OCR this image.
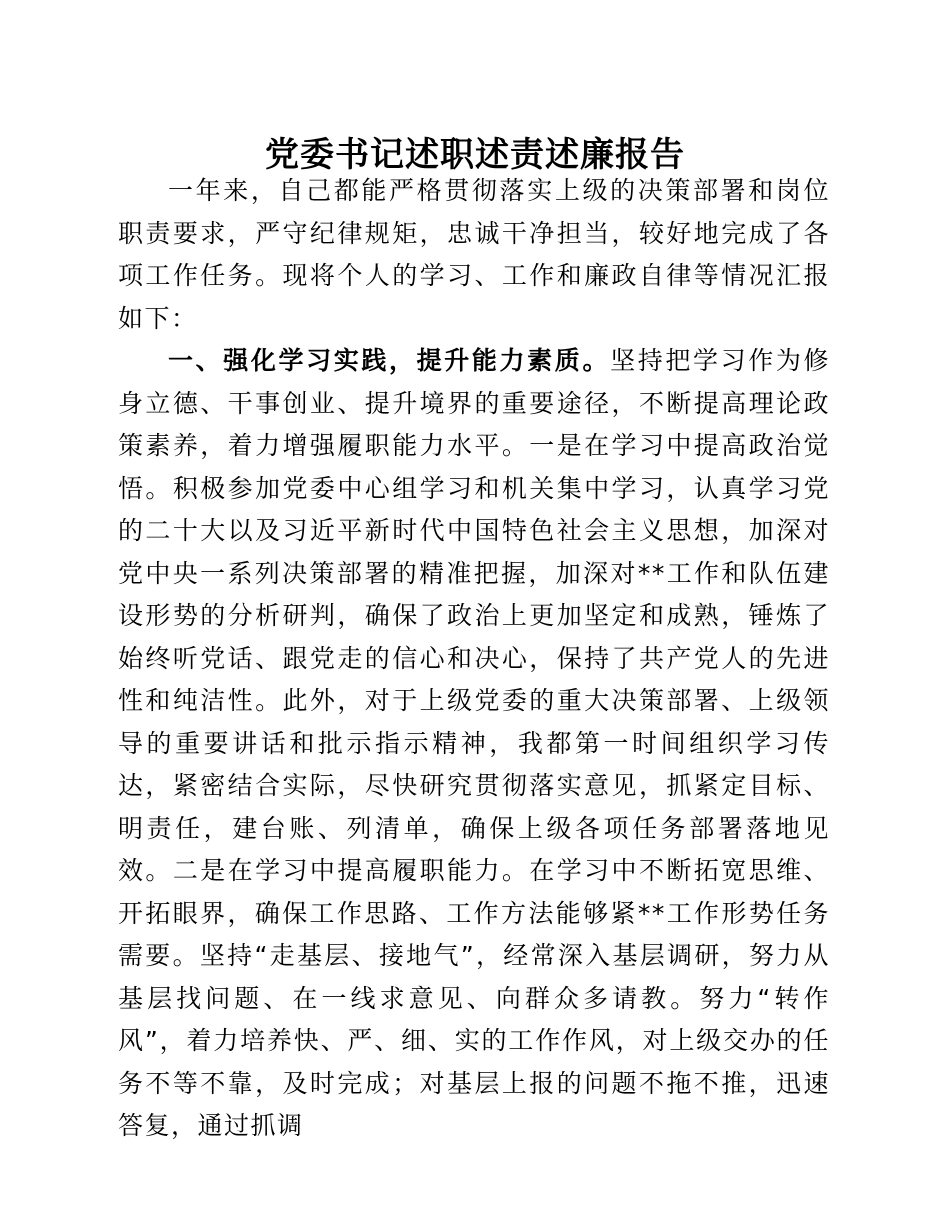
党委书记述职述责述廉报告

一年来，自己都能严格贯彻落实上级的决策部署和岗位职责要求，严守纪律规矩，忠诚干净担当，较好地完成了各项工作任务。现将个人的学习、工作和廉政自律等情况汇报如下：

一、强化学习实践，提升能力素质。坚持把学习作为修身立德、干事创业、提升境界的重要途径，不断提高理论政策素养，着力增强履职能力水平。一是在学习中提高政治觉悟。积极参加党委中心组学习和机关集中学习，认真学习党的二十大以及习近平新时代中国特色社会主义思想，加深对党中央一系列决策部署的精准把握，加深对**工作和队伍建设形势的分析研判，确保了政治上更加坚定和成熟，锤炼了始终听党话、跟党走的信心和决心，保持了共产党人的先进性和纯洁性。此外，对于上级党委的重大决策部署、上级领导的重要讲话和批示指示精神，我都第一时间组织学习传达，紧密结合实际，尽快研究贯彻落实意见，抓紧定目标、明责任，建台账、列清单，确保上级各项任务部署落地见效。二是在学习中提高履职能力。在学习中不断拓宽思维、开拓眼界，确保工作思路、工作方法能够紧**工作形势任务需要。坚持“走基层、接地气”，经常深入基层调研，努力从基层找问题、在一线求意见、向群众多请教。努力“转作风”，着力培养快、严、细、实的工作作风，对上级交办的任务不等不靠，及时完成；对基层上报的问题不拖不推，迅速答复，通过抓调
